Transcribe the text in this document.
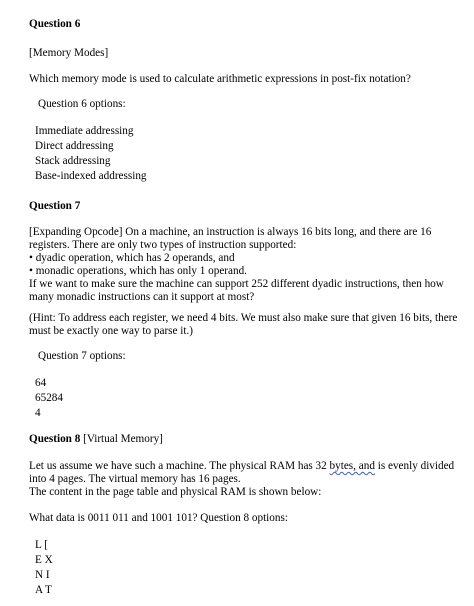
Question 6

[Memory Modes]

Which memory mode is used to calculate arithmetic expressions in post-fix notation?

Question 6 options:

Immediate addressing
Direct addressing
Stack addressing
Base-indexed addressing

Question 7

[Expanding Opcode] On a machine, an instruction is always 16 bits long, and there are 16
registers. There are only two types of instruction supported:
• dyadic operation, which has 2 operands, and
• monadic operations, which has only 1 operand.
If we want to make sure the machine can support 252 different dyadic instructions, then how
many monadic instructions can it support at most?
(Hint: To address each register, we need 4 bits. We must also make sure that given 16 bits, there
must be exactly one way to parse it.)

Question 7 options:

64
65284
4

Question 8 [Virtual Memory]

Let us assume we have such a machine. The physical RAM has 32 bytes, and is evenly divided
into 4 pages. The virtual memory has 16 pages.
The content in the page table and physical RAM is shown below:

What data is 0011 011 and 1001 101? Question 8 options:

L [
E X
N I
A T
